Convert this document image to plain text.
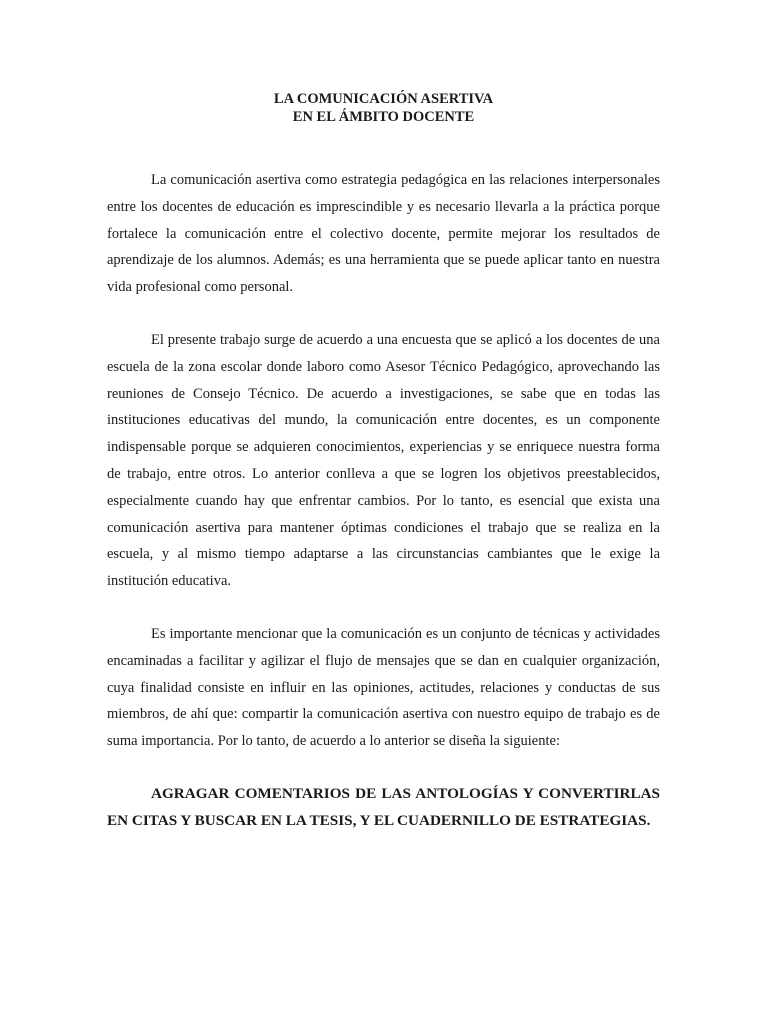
LA COMUNICACIÓN ASERTIVA
EN EL ÁMBITO DOCENTE

La comunicación asertiva como estrategia pedagógica en las relaciones interpersonales entre los docentes de educación es imprescindible y es necesario llevarla a la práctica porque fortalece la comunicación entre el colectivo docente, permite mejorar los resultados de aprendizaje de los alumnos. Además; es una herramienta que se puede aplicar tanto en nuestra vida profesional como personal.

El presente trabajo surge de acuerdo a una encuesta que se aplicó a los docentes de una escuela de la zona escolar donde laboro como Asesor Técnico Pedagógico, aprovechando las reuniones de Consejo Técnico. De acuerdo a investigaciones, se sabe que en todas las instituciones educativas del mundo, la comunicación entre docentes, es un componente indispensable porque se adquieren conocimientos, experiencias y se enriquece nuestra forma de trabajo, entre otros. Lo anterior conlleva a que se logren los objetivos preestablecidos, especialmente cuando hay que enfrentar cambios. Por lo tanto, es esencial que exista una comunicación asertiva para mantener óptimas condiciones el trabajo que se realiza en la escuela, y al mismo tiempo adaptarse a las circunstancias cambiantes que le exige la institución educativa.

Es importante mencionar que la comunicación es un conjunto de técnicas y actividades encaminadas a facilitar y agilizar el flujo de mensajes que se dan en cualquier organización, cuya finalidad consiste en influir en las opiniones, actitudes, relaciones y conductas de sus miembros, de ahí que: compartir la comunicación asertiva con nuestro equipo de trabajo es de suma importancia. Por lo tanto, de acuerdo a lo anterior se diseña la siguiente:

AGRAGAR COMENTARIOS DE LAS ANTOLOGÍAS Y CONVERTIRLAS EN CITAS Y BUSCAR EN LA TESIS, Y EL CUADERNILLO DE ESTRATEGIAS.
